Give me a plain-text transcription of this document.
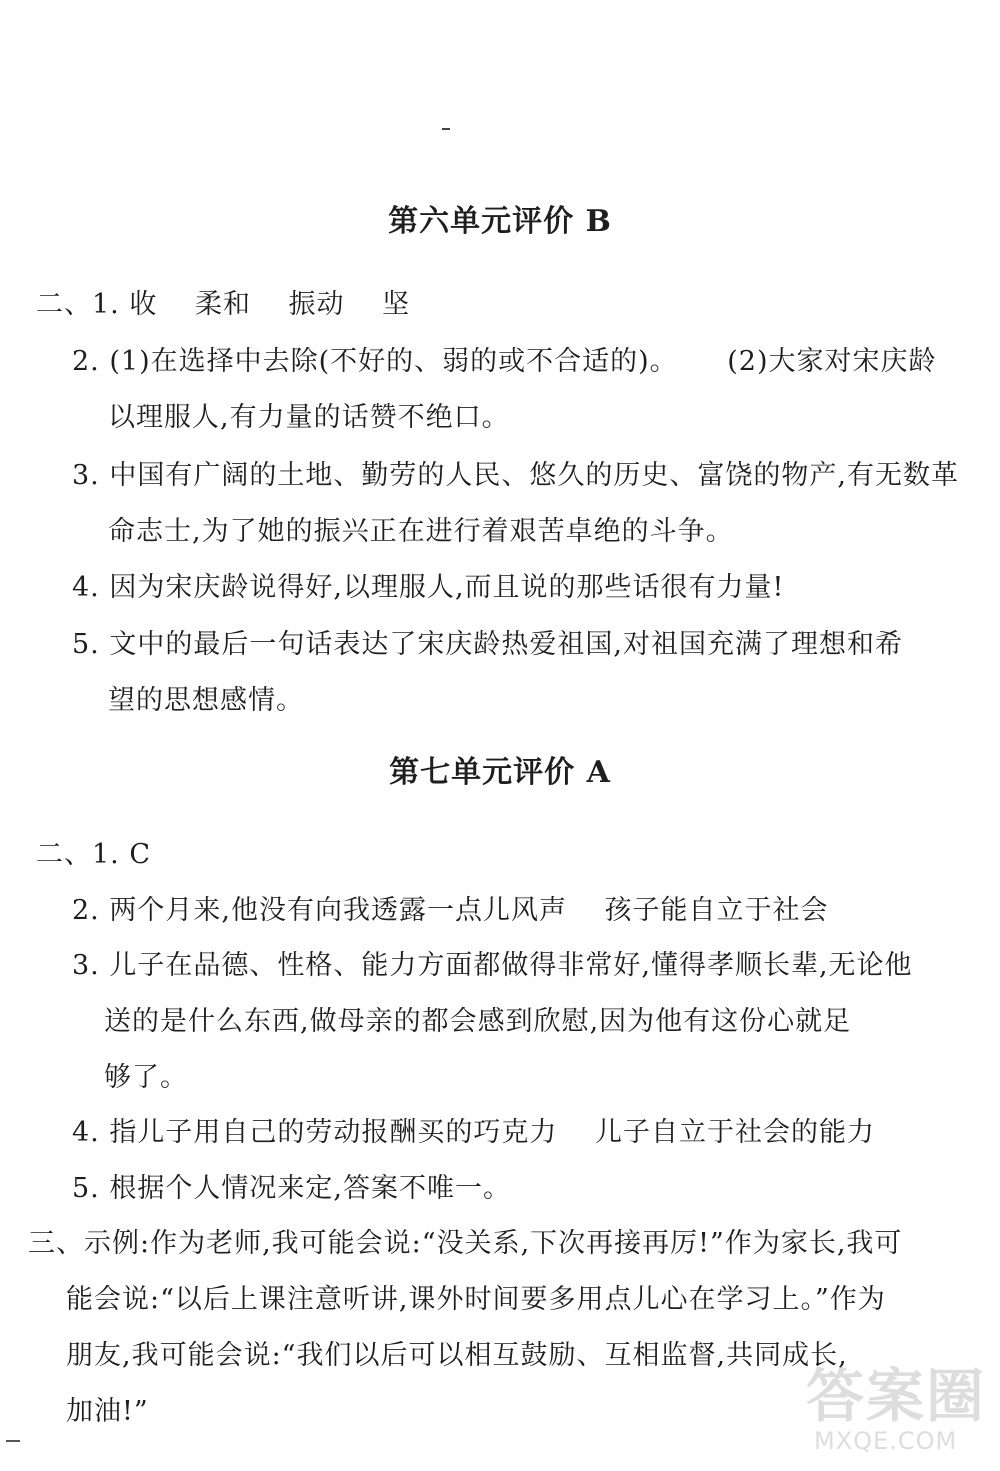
第六单元评价 B
二、1. 收 柔和 振动 坚
2. (1)在选择中去除(不好的、弱的或不合适的)。 (2)大家对宋庆龄
以理服人,有力量的话赞不绝口。
3. 中国有广阔的土地、勤劳的人民、悠久的历史、富饶的物产,有无数革
命志士,为了她的振兴正在进行着艰苦卓绝的斗争。
4. 因为宋庆龄说得好,以理服人,而且说的那些话很有力量!
5. 文中的最后一句话表达了宋庆龄热爱祖国,对祖国充满了理想和希
望的思想感情。
第七单元评价 A
二、1. C
2. 两个月来,他没有向我透露一点儿风声 孩子能自立于社会
3. 儿子在品德、性格、能力方面都做得非常好,懂得孝顺长辈,无论他
送的是什么东西,做母亲的都会感到欣慰,因为他有这份心就足
够了。
4. 指儿子用自己的劳动报酬买的巧克力 儿子自立于社会的能力
5. 根据个人情况来定,答案不唯一。
三、示例:作为老师,我可能会说:“没关系,下次再接再厉!”作为家长,我可
能会说:“以后上课注意听讲,课外时间要多用点儿心在学习上。”作为
朋友,我可能会说:“我们以后可以相互鼓励、互相监督,共同成长,
加油!”	答案圈
MXQE.COM
